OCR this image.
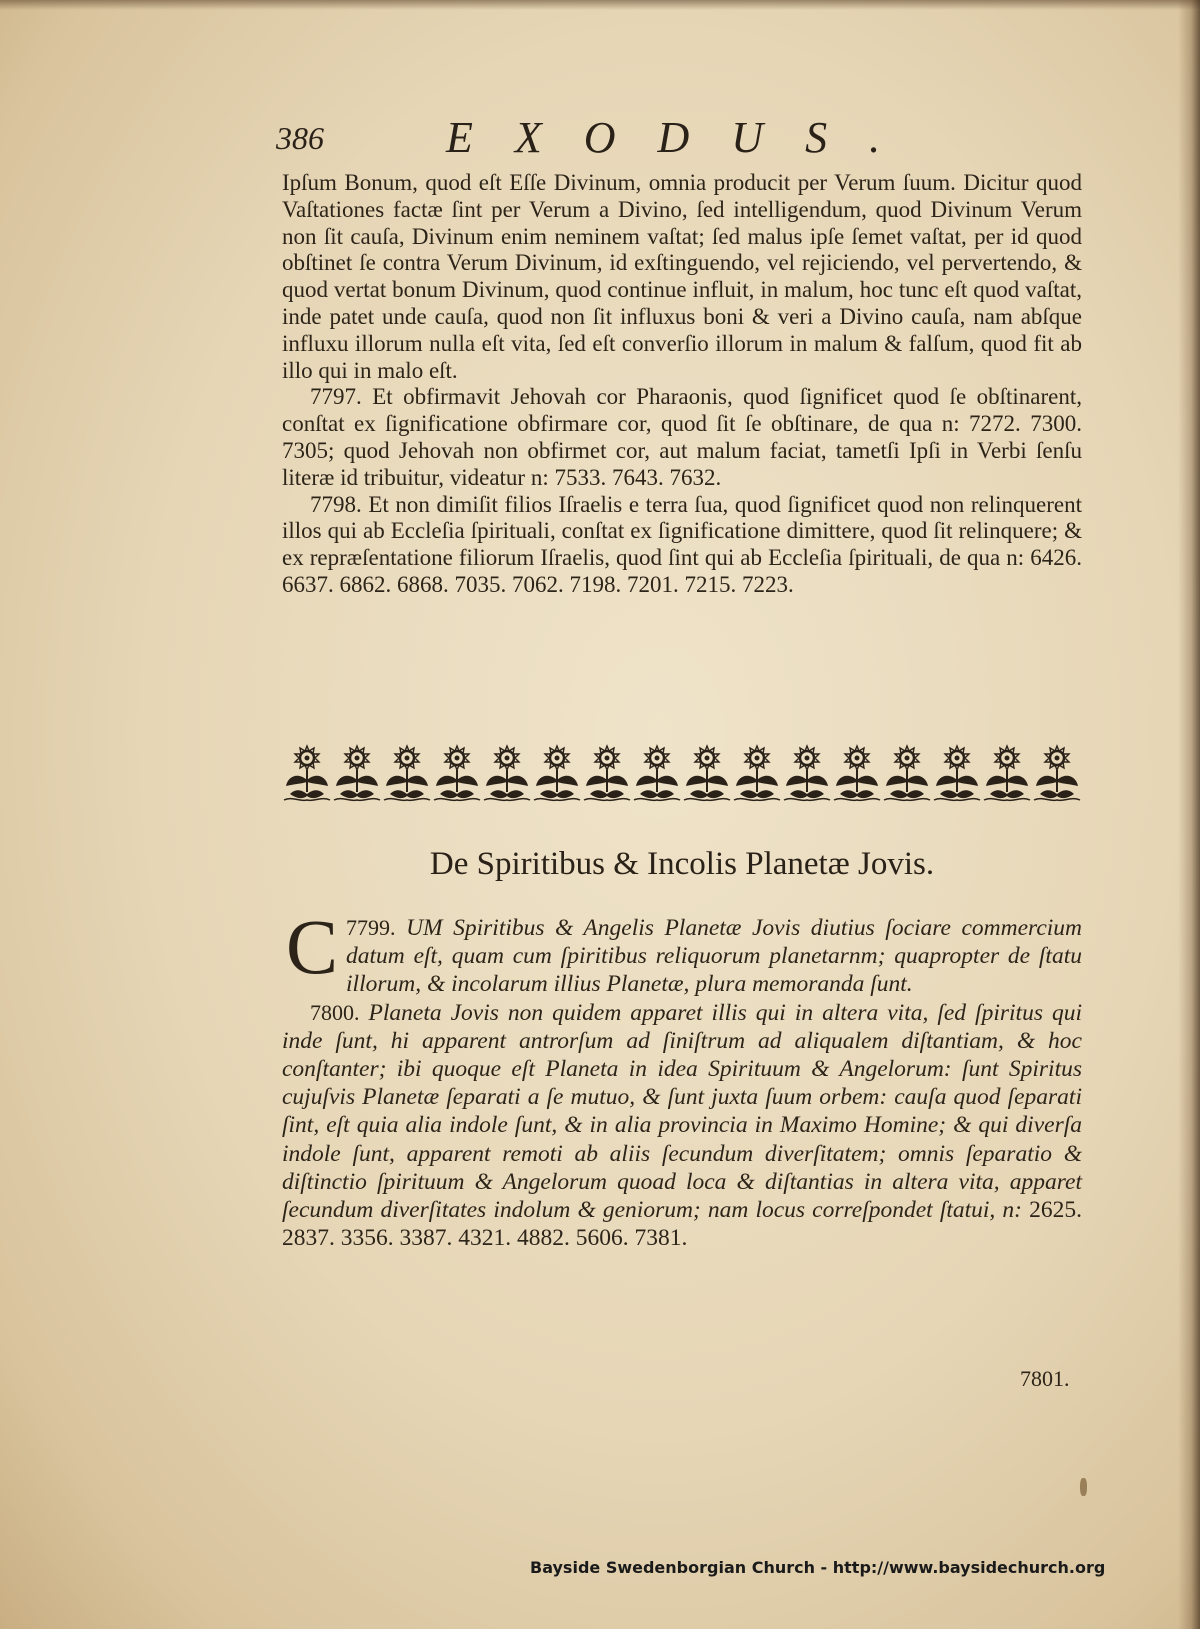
386	EXODUS.

Ipſum Bonum, quod eſt Eſſe Divinum, omnia producit per Verum ſuum. Dicitur quod Vaſtationes factæ ſint per Verum a Divino, ſed intelligendum, quod Divinum Verum non ſit cauſa, Divinum enim neminem vaſtat; ſed malus ipſe ſemet vaſtat, per id quod obſtinet ſe contra Verum Divinum, id exſtinguendo, vel rejiciendo, vel pervertendo, & quod vertat bonum Divinum, quod continue influit, in malum, hoc tunc eſt quod vaſtat, inde patet unde cauſa, quod non ſit influxus boni & veri a Divino cauſa, nam abſque influxu illorum nulla eſt vita, ſed eſt converſio illorum in malum & falſum, quod fit ab illo qui in malo eſt.

7797. Et obfirmavit Jehovah cor Pharaonis, quod ſignificet quod ſe obſtinarent, conſtat ex ſignificatione obfirmare cor, quod ſit ſe obſtinare, de qua n: 7272. 7300. 7305; quod Jehovah non obfirmet cor, aut malum faciat, tametſi Ipſi in Verbi ſenſu literæ id tribuitur, videatur n: 7533. 7643. 7632.

7798. Et non dimiſit filios Iſraelis e terra ſua, quod ſignificet quod non relinquerent illos qui ab Eccleſia ſpirituali, conſtat ex ſignificatione dimittere, quod ſit relinquere; & ex repræſentatione filiorum Iſraelis, quod ſint qui ab Eccleſia ſpirituali, de qua n: 6426. 6637. 6862. 6868. 7035. 7062. 7198. 7201. 7215. 7223.

De Spiritibus & Incolis Planetæ Jovis.

7799.
C	UM Spiritibus & Angelis Planetæ Jovis diutius ſociare commercium datum eſt, quam cum ſpiritibus reliquorum planetarnm; quapropter de ſtatu illorum, & incolarum illius Planetæ, plura memoranda ſunt.

7800. Planeta Jovis non quidem apparet illis qui in altera vita, ſed ſpiritus qui inde ſunt, hi apparent antrorſum ad ſiniſtrum ad aliqualem diſtantiam, & hoc conſtanter; ibi quoque eſt Planeta in idea Spirituum & Angelorum: ſunt Spiritus cujuſvis Planetæ ſeparati a ſe mutuo, & ſunt juxta ſuum orbem: cauſa quod ſeparati ſint, eſt quia alia indole ſunt, & in alia provincia in Maximo Homine; & qui diverſa indole ſunt, apparent remoti ab aliis ſecundum diverſitatem; omnis ſeparatio & diſtinctio ſpirituum & Angelorum quoad loca & diſtantias in altera vita, apparet ſecundum diverſitates indolum & geniorum; nam locus correſpondet ſtatui, n: 2625. 2837. 3356. 3387. 4321. 4882. 5606. 7381.

7801.
Bayside Swedenborgian Church - http://www.baysidechurch.org
